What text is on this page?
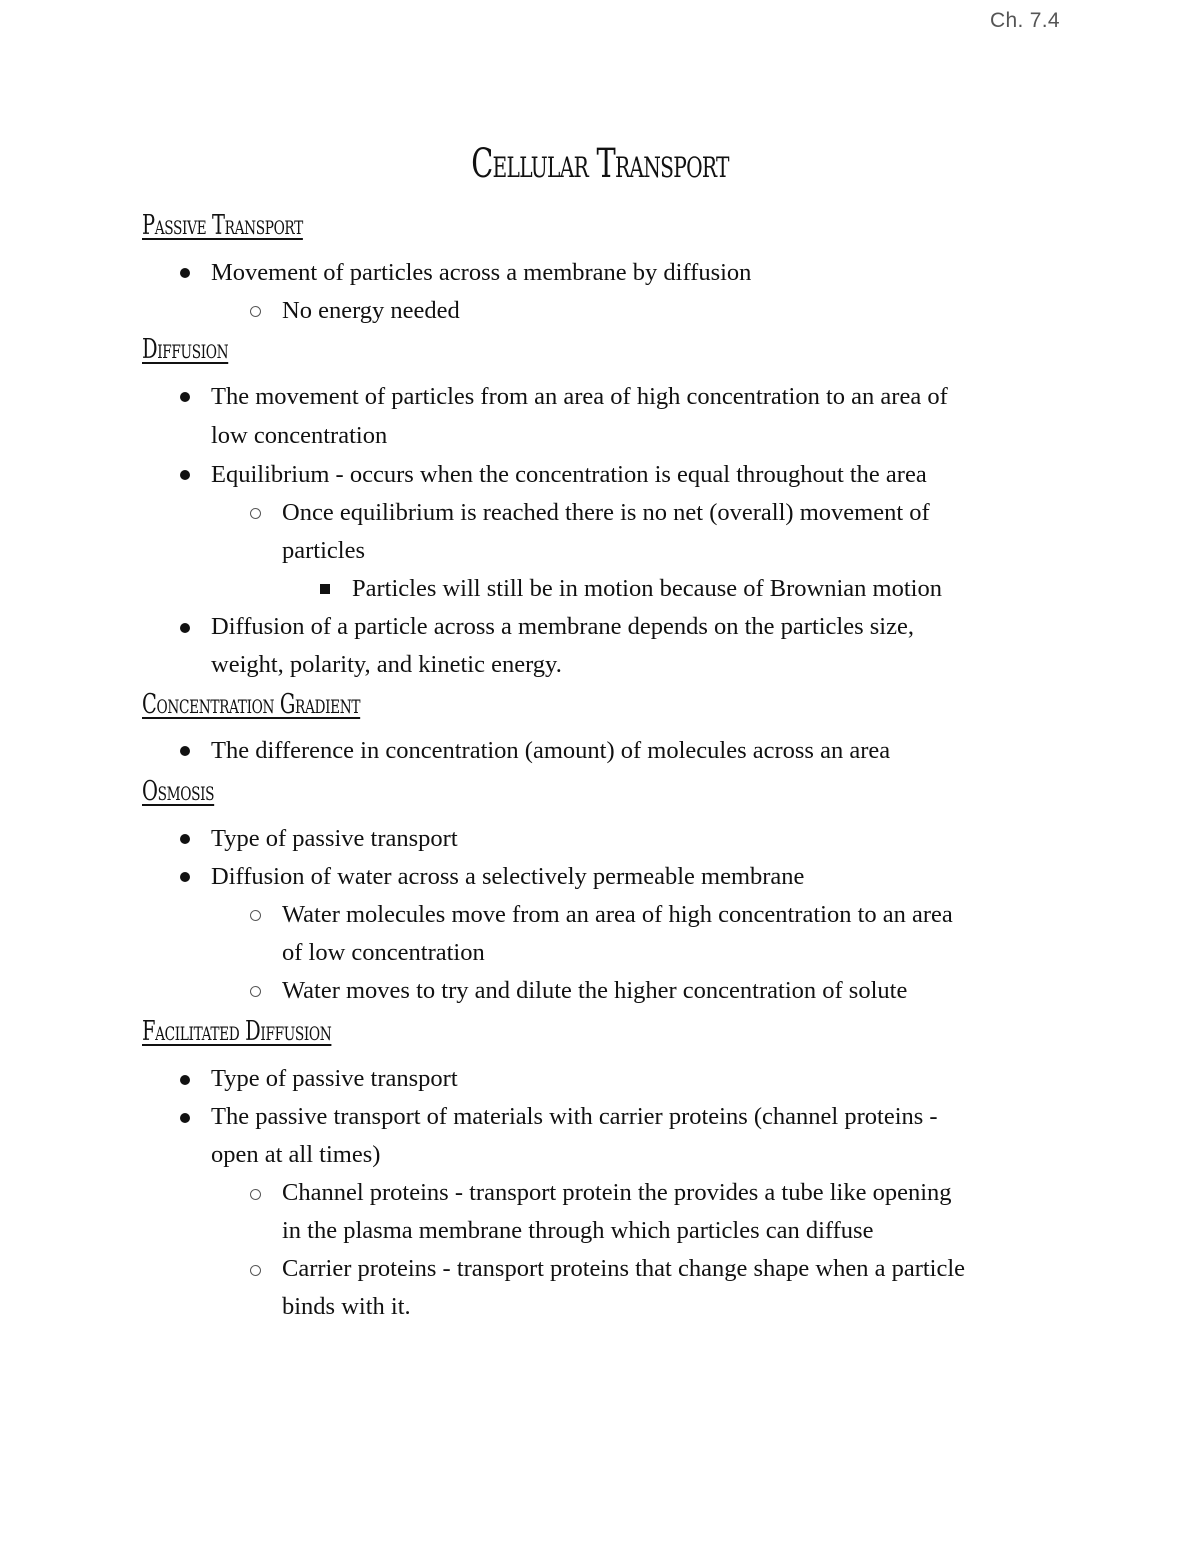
Ch. 7.4
Cellular Transport
Passive Transport
Movement of particles across a membrane by diffusion
No energy needed
Diffusion
The movement of particles from an area of high concentration to an area of
low concentration
Equilibrium - occurs when the concentration is equal throughout the area
Once equilibrium is reached there is no net (overall) movement of
particles
Particles will still be in motion because of Brownian motion
Diffusion of a particle across a membrane depends on the particles size,
weight, polarity, and kinetic energy.
Concentration Gradient
The difference in concentration (amount) of molecules across an area
Osmosis
Type of passive transport
Diffusion of water across a selectively permeable membrane
Water molecules move from an area of high concentration to an area
of low concentration
Water moves to try and dilute the higher concentration of solute
Facilitated Diffusion
Type of passive transport
The passive transport of materials with carrier proteins (channel proteins -
open at all times)
Channel proteins - transport protein the provides a tube like opening
in the plasma membrane through which particles can diffuse
Carrier proteins - transport proteins that change shape when a particle
binds with it.
